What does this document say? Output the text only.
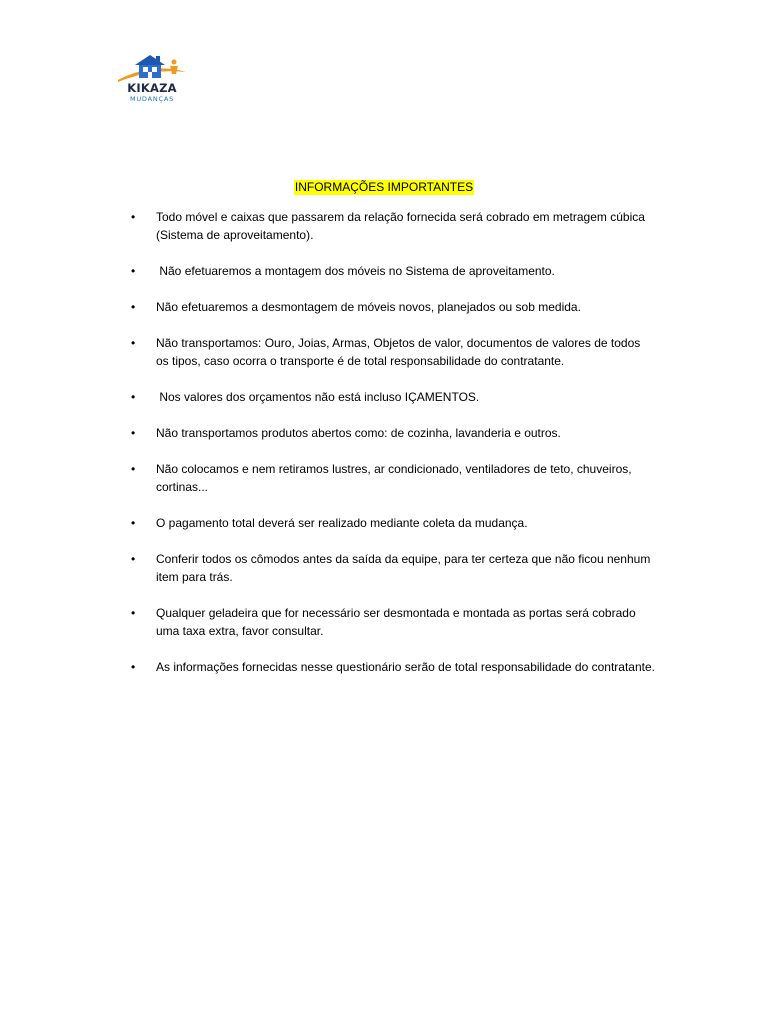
KIKAZA
MUDANÇAS
INFORMAÇÕES IMPORTANTES
• Todo móvel e caixas que passarem da relação fornecida será cobrado em metragem cúbica (Sistema de aproveitamento).
• Não efetuaremos a montagem dos móveis no Sistema de aproveitamento.
• Não efetuaremos a desmontagem de móveis novos, planejados ou sob medida.
• Não transportamos: Ouro, Joias, Armas, Objetos de valor, documentos de valores de todos os tipos, caso ocorra o transporte é de total responsabilidade do contratante.
• Nos valores dos orçamentos não está incluso IÇAMENTOS.
• Não transportamos produtos abertos como: de cozinha, lavanderia e outros.
• Não colocamos e nem retiramos lustres, ar condicionado, ventiladores de teto, chuveiros, cortinas...
• O pagamento total deverá ser realizado mediante coleta da mudança.
• Conferir todos os cômodos antes da saída da equipe, para ter certeza que não ficou nenhum item para trás.
• Qualquer geladeira que for necessário ser desmontada e montada as portas será cobrado uma taxa extra, favor consultar.
• As informações fornecidas nesse questionário serão de total responsabilidade do contratante.
